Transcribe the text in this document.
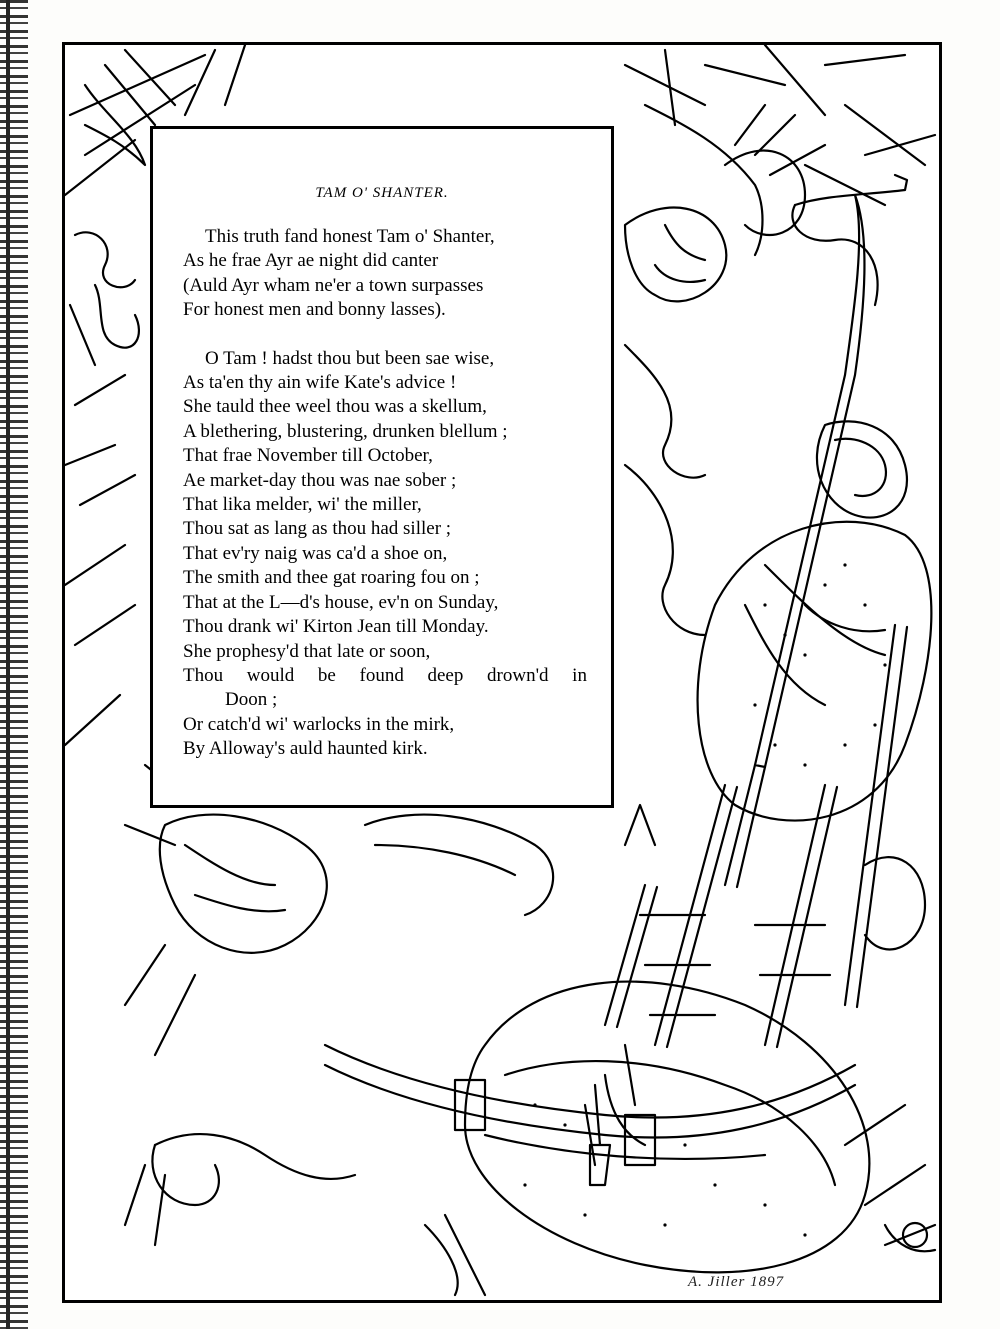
TAM O' SHANTER.
This truth fand honest Tam o' Shanter,
As he frae Ayr ae night did canter
(Auld Ayr wham ne'er a town surpasses
For honest men and bonny lasses).
O Tam ! hadst thou but been sae wise,
As ta'en thy ain wife Kate's advice !
She tauld thee weel thou was a skellum,
A blethering, blustering, drunken blellum ;
That frae November till October,
Ae market-day thou was nae sober ;
That lika melder, wi' the miller,
Thou sat as lang as thou had siller ;
That ev'ry naig was ca'd a shoe on,
The smith and thee gat roaring fou on ;
That at the L—d's house, ev'n on Sunday,
Thou drank wi' Kirton Jean till Monday.
She prophesy'd that late or soon,
Thou would be found deep drown'd in
Doon ;
Or catch'd wi' warlocks in the mirk,
By Alloway's auld haunted kirk.
A. Jiller 1897
